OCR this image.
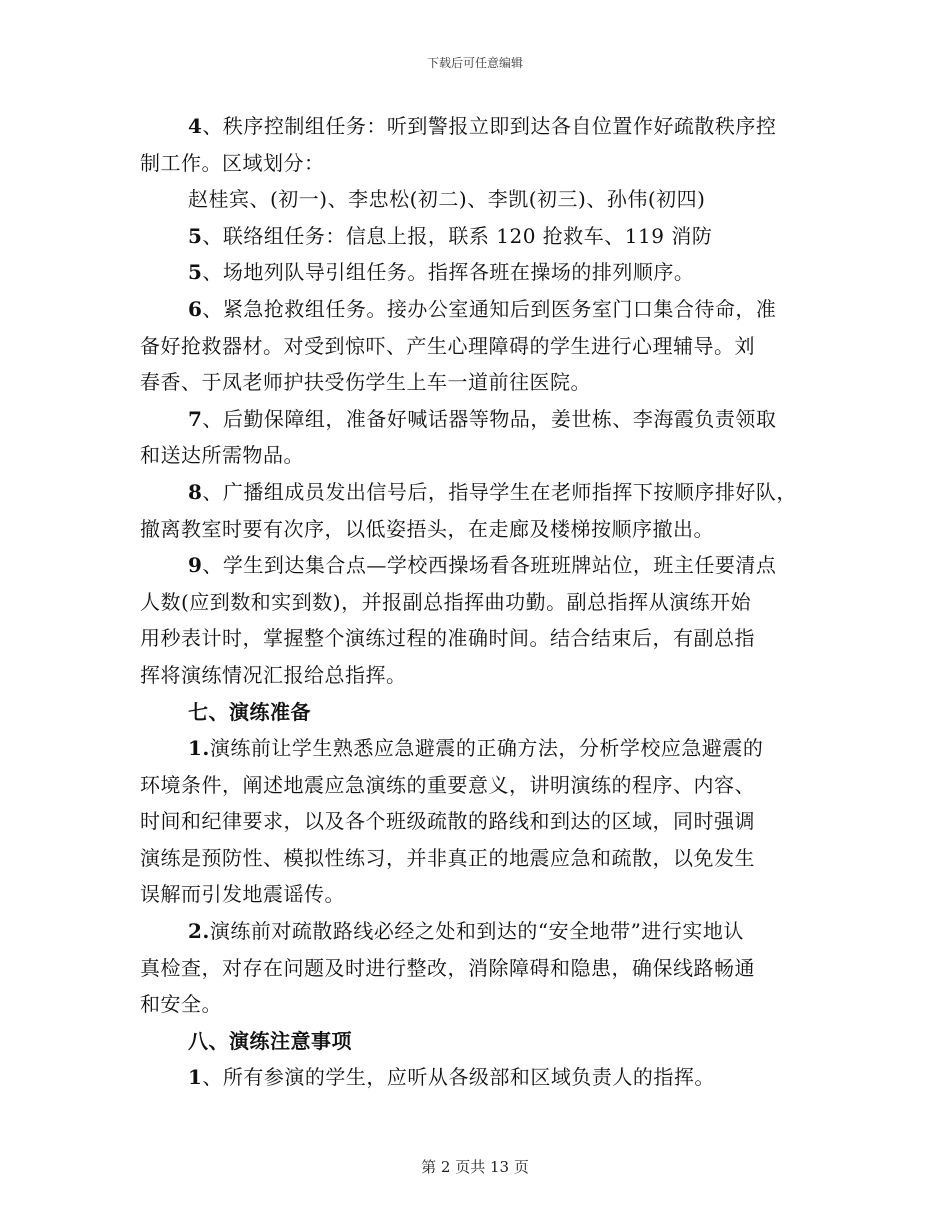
下载后可任意编辑
4、秩序控制组任务：听到警报立即到达各自位置作好疏散秩序控
制工作。区域划分：
赵桂宾、(初一)、李忠松(初二)、李凯(初三)、孙伟(初四)
5、联络组任务：信息上报，联系 120 抢救车、119 消防
5、场地列队导引组任务。指挥各班在操场的排列顺序。
6、紧急抢救组任务。接办公室通知后到医务室门口集合待命，准
备好抢救器材。对受到惊吓、产生心理障碍的学生进行心理辅导。刘
春香、于凤老师护扶受伤学生上车一道前往医院。
7、后勤保障组，准备好喊话器等物品，姜世栋、李海霞负责领取
和送达所需物品。
8、广播组成员发出信号后，指导学生在老师指挥下按顺序排好队，
撤离教室时要有次序，以低姿捂头，在走廊及楼梯按顺序撤出。
9、学生到达集合点—学校西操场看各班班牌站位，班主任要清点
人数(应到数和实到数)，并报副总指挥曲功勤。副总指挥从演练开始
用秒表计时，掌握整个演练过程的准确时间。结合结束后，有副总指
挥将演练情况汇报给总指挥。
七、演练准备
1.演练前让学生熟悉应急避震的正确方法，分析学校应急避震的
环境条件，阐述地震应急演练的重要意义，讲明演练的程序、内容、
时间和纪律要求，以及各个班级疏散的路线和到达的区域，同时强调
演练是预防性、模拟性练习，并非真正的地震应急和疏散，以免发生
误解而引发地震谣传。
2.演练前对疏散路线必经之处和到达的“安全地带”进行实地认
真检查，对存在问题及时进行整改，消除障碍和隐患，确保线路畅通
和安全。
八、演练注意事项
1、所有参演的学生，应听从各级部和区域负责人的指挥。
第 2 页共 13 页
